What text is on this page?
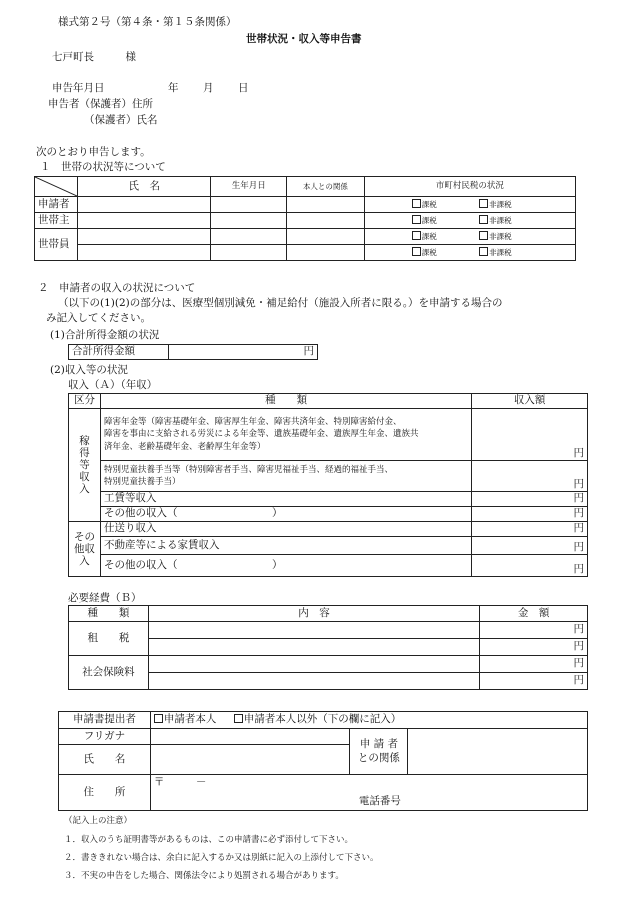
様式第２号（第４条・第１５条関係）
世帯状況・収入等申告書
七戸町長　　　様
申告年月日	年 月 日
申告者（保護者）住所
（保護者）氏名
次のとおり申告します。
１　世帯の状況等について
	氏　名	生年月日	本人との関係	市町村民税の状況
申請者				課税 非課税
世帯主				課税 非課税
世帯員				課税 非課税
				課税 非課税
２　申請者の収入の状況について
（以下の(1)(2)の部分は、医療型個別減免・補足給付（施設入所者に限る。）を申請する場合の
み記入してください。
(1)合計所得金額の状況
合計所得金額	円
(2)収入等の状況
収入（Ａ）（年収）
区分	種　　類	収入額

稼得等収入	障害年金等（障害基礎年金、障害厚生年金、障害共済年金、特別障害給付金、
障害を事由に支給される労災による年金等、遺族基礎年金、遺族厚生年金、遺族共
済年金、老齢基礎年金、老齢厚生年金等）	円

	特別児童扶養手当等（特別障害者手当、障害児福祉手当、経過的福祉手当、
特別児童扶養手当）	円
	工賃等収入	円
	その他の収入（　　　　　　　　　）	円

その他収入	仕送り収入	円
	不動産等による家賃収入	円
	その他の収入（　　　　　　　　　）	円
必要経費（Ｂ）
種　　類	内　容	金　額
租　　税		円
		円
社会保険料		円
		円
申請書提出者	申請者本人 申請者本人以外（下の欄に記入）		
フリガナ		申 請 者
との関係	

氏　　名			
住　　所	〒　　　－
電話番号		
（記入上の注意）
１．収入のうち証明書等があるものは、この申請書に必ず添付して下さい。
２．書ききれない場合は、余白に記入するか又は別紙に記入の上添付して下さい。
３．不実の申告をした場合、関係法令により処罰される場合があります。
